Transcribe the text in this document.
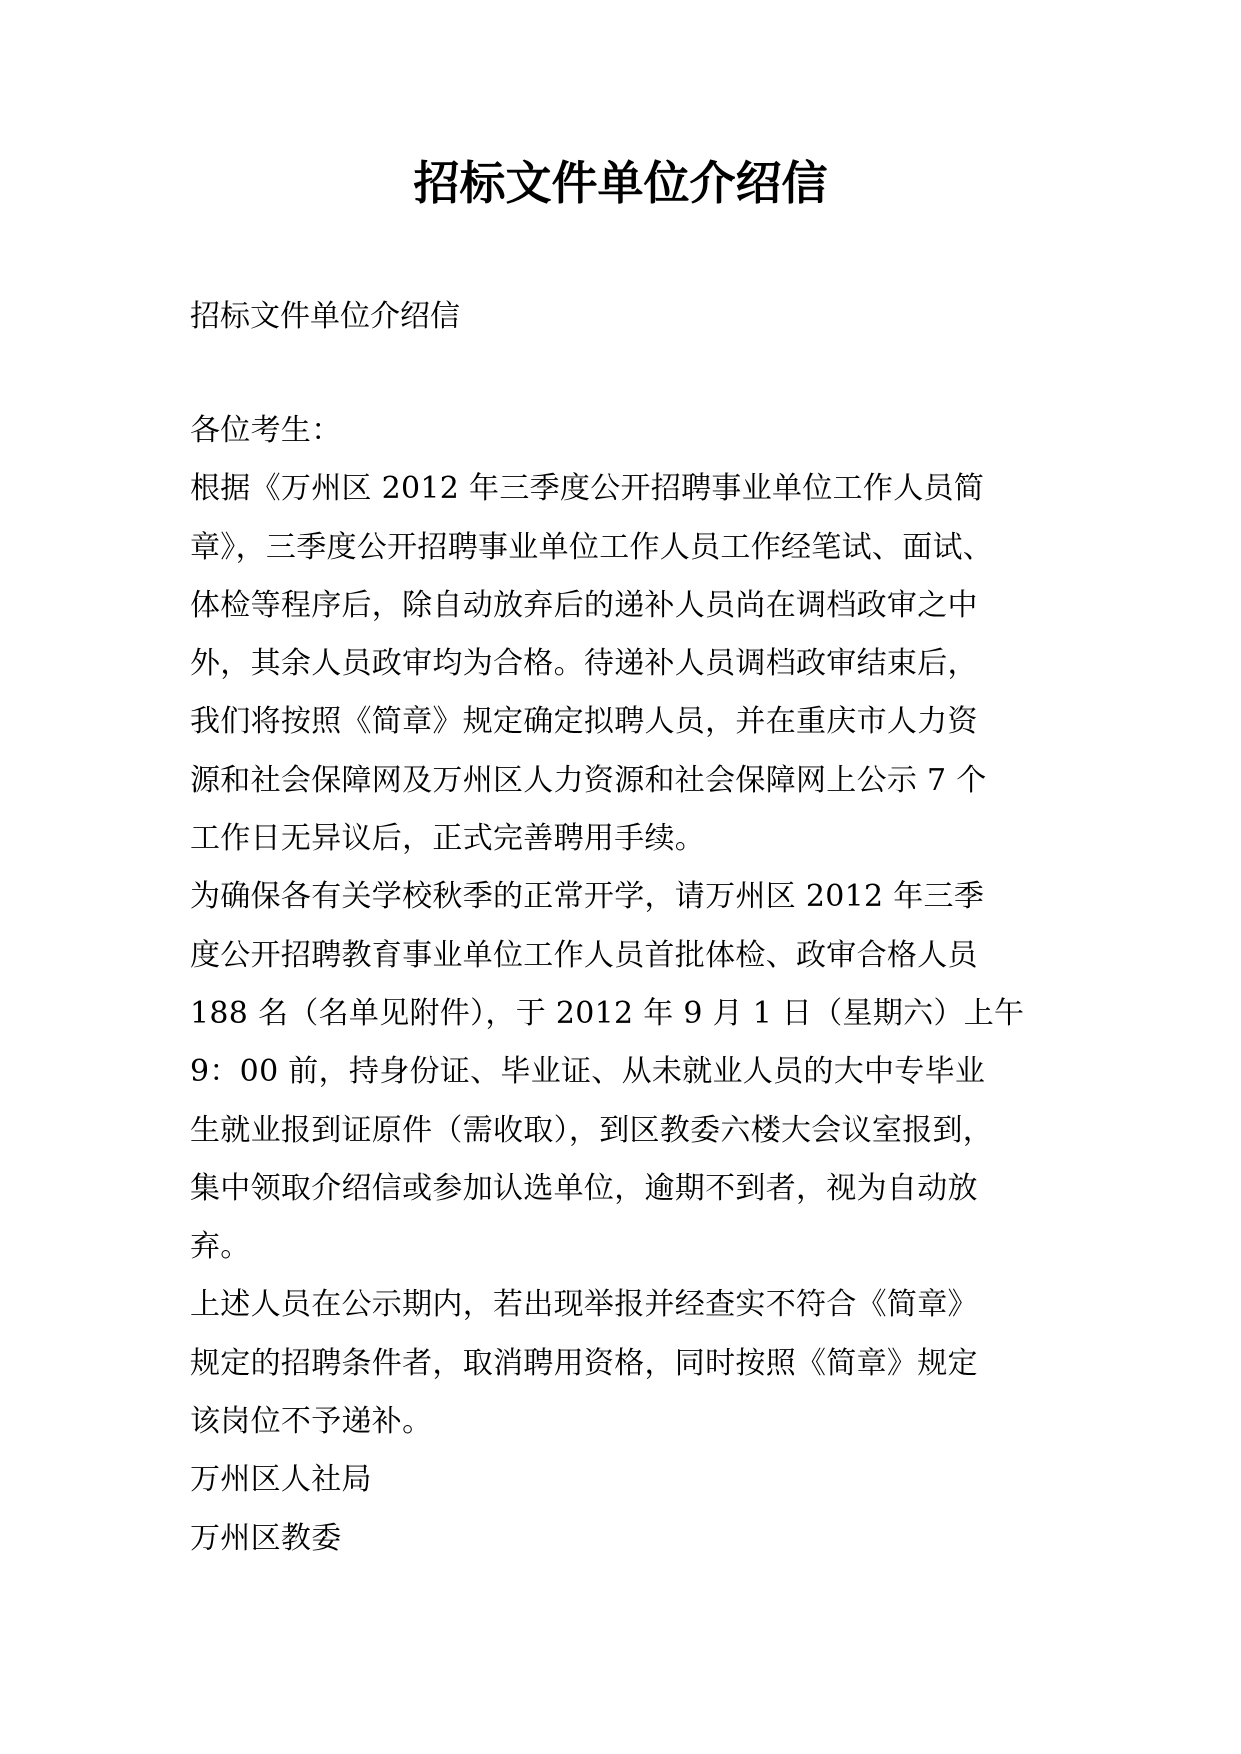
招标文件单位介绍信

招标文件单位介绍信

各位考生：
根据《万州区 2012 年三季度公开招聘事业单位工作人员简
章》，三季度公开招聘事业单位工作人员工作经笔试、面试、
体检等程序后，除自动放弃后的递补人员尚在调档政审之中
外，其余人员政审均为合格。待递补人员调档政审结束后，
我们将按照《简章》规定确定拟聘人员，并在重庆市人力资
源和社会保障网及万州区人力资源和社会保障网上公示 7 个
工作日无异议后，正式完善聘用手续。
为确保各有关学校秋季的正常开学，请万州区 2012 年三季
度公开招聘教育事业单位工作人员首批体检、政审合格人员
188 名（名单见附件），于 2012 年 9 月 1 日（星期六）上午
9：00 前，持身份证、毕业证、从未就业人员的大中专毕业
生就业报到证原件（需收取），到区教委六楼大会议室报到，
集中领取介绍信或参加认选单位，逾期不到者，视为自动放
弃。
上述人员在公示期内，若出现举报并经查实不符合《简章》
规定的招聘条件者，取消聘用资格，同时按照《简章》规定
该岗位不予递补。
万州区人社局
万州区教委
